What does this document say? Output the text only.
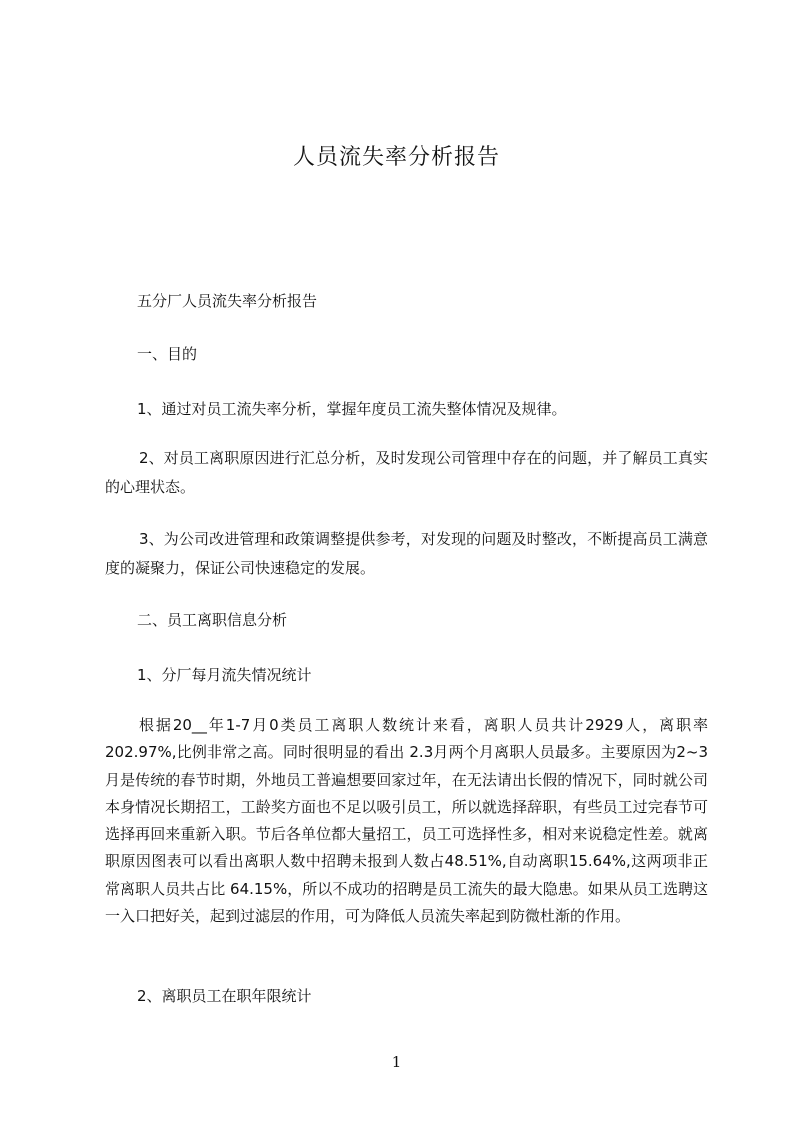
人员流失率分析报告
五分厂人员流失率分析报告
一、目的
1、通过对员工流失率分析，掌握年度员工流失整体情况及规律。
2、对员工离职原因进行汇总分析，及时发现公司管理中存在的问题，并了解员工真实的心理状态。
3、为公司改进管理和政策调整提供参考，对发现的问题及时整改，不断提高员工满意度的凝聚力，保证公司快速稳定的发展。
二、员工离职信息分析
1、分厂每月流失情况统计
根据20__年1-7月0类员工离职人数统计来看，离职人员共计2929人，离职率202.97%,比例非常之高。同时很明显的看出 2.3月两个月离职人员最多。主要原因为2~3月是传统的春节时期，外地员工普遍想要回家过年，在无法请出长假的情况下，同时就公司本身情况长期招工，工龄奖方面也不足以吸引员工，所以就选择辞职，有些员工过完春节可选择再回来重新入职。节后各单位都大量招工，员工可选择性多，相对来说稳定性差。就离职原因图表可以看出离职人数中招聘未报到人数占48.51%,自动离职15.64%,这两项非正常离职人员共占比 64.15%，所以不成功的招聘是员工流失的最大隐患。如果从员工选聘这一入口把好关，起到过滤层的作用，可为降低人员流失率起到防微杜渐的作用。
2、离职员工在职年限统计
1
